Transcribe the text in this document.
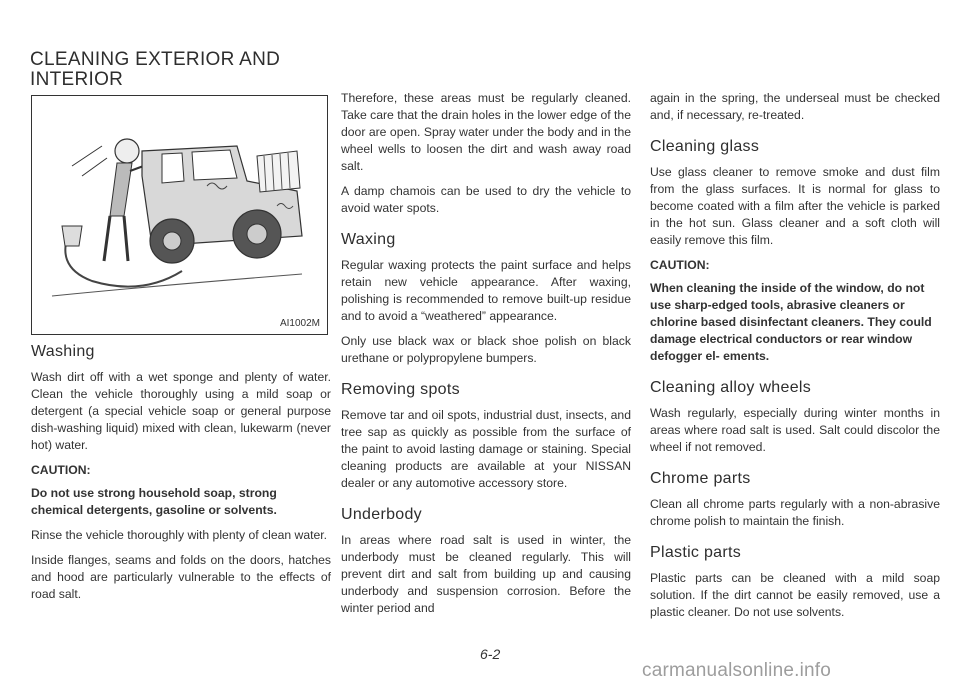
CLEANING EXTERIOR AND INTERIOR
AI1002M
Washing

Wash dirt off with a wet sponge and plenty of water. Clean the vehicle thoroughly using a mild soap or detergent (a special vehicle soap or general purpose dish-washing liquid) mixed with clean, lukewarm (never hot) water.

CAUTION:

Do not use strong household soap, strong chemical detergents, gasoline or solvents.

Rinse the vehicle thoroughly with plenty of clean water.

Inside flanges, seams and folds on the doors, hatches and hood are particularly vulnerable to the effects of road salt.

Therefore, these areas must be regularly cleaned. Take care that the drain holes in the lower edge of the door are open. Spray water under the body and in the wheel wells to loosen the dirt and wash away road salt.

A damp chamois can be used to dry the vehicle to avoid water spots.

Waxing

Regular waxing protects the paint surface and helps retain new vehicle appearance. After waxing, polishing is recommended to remove built-up residue and to avoid a “weathered” appearance.

Only use black wax or black shoe polish on black urethane or polypropylene bumpers.

Removing spots

Remove tar and oil spots, industrial dust, insects, and tree sap as quickly as possible from the surface of the paint to avoid lasting damage or staining. Special cleaning products are available at your NISSAN dealer or any automotive accessory store.

Underbody

In areas where road salt is used in winter, the underbody must be cleaned regularly. This will prevent dirt and salt from building up and causing underbody and suspension corrosion. Before the winter period and

again in the spring, the underseal must be checked and, if necessary, re-treated.

Cleaning glass

Use glass cleaner to remove smoke and dust film from the glass surfaces. It is normal for glass to become coated with a film after the vehicle is parked in the hot sun. Glass cleaner and a soft cloth will easily remove this film.

CAUTION:

When cleaning the inside of the window, do not use sharp-edged tools, abrasive cleaners or chlorine based disinfectant cleaners. They could damage electrical conductors or rear window defogger el- ements.

Cleaning alloy wheels

Wash regularly, especially during winter months in areas where road salt is used. Salt could discolor the wheel if not removed.

Chrome parts

Clean all chrome parts regularly with a non-abrasive chrome polish to maintain the finish.

Plastic parts

Plastic parts can be cleaned with a mild soap solution. If the dirt cannot be easily removed, use a plastic cleaner. Do not use solvents.

6-2
carmanualsonline.info
